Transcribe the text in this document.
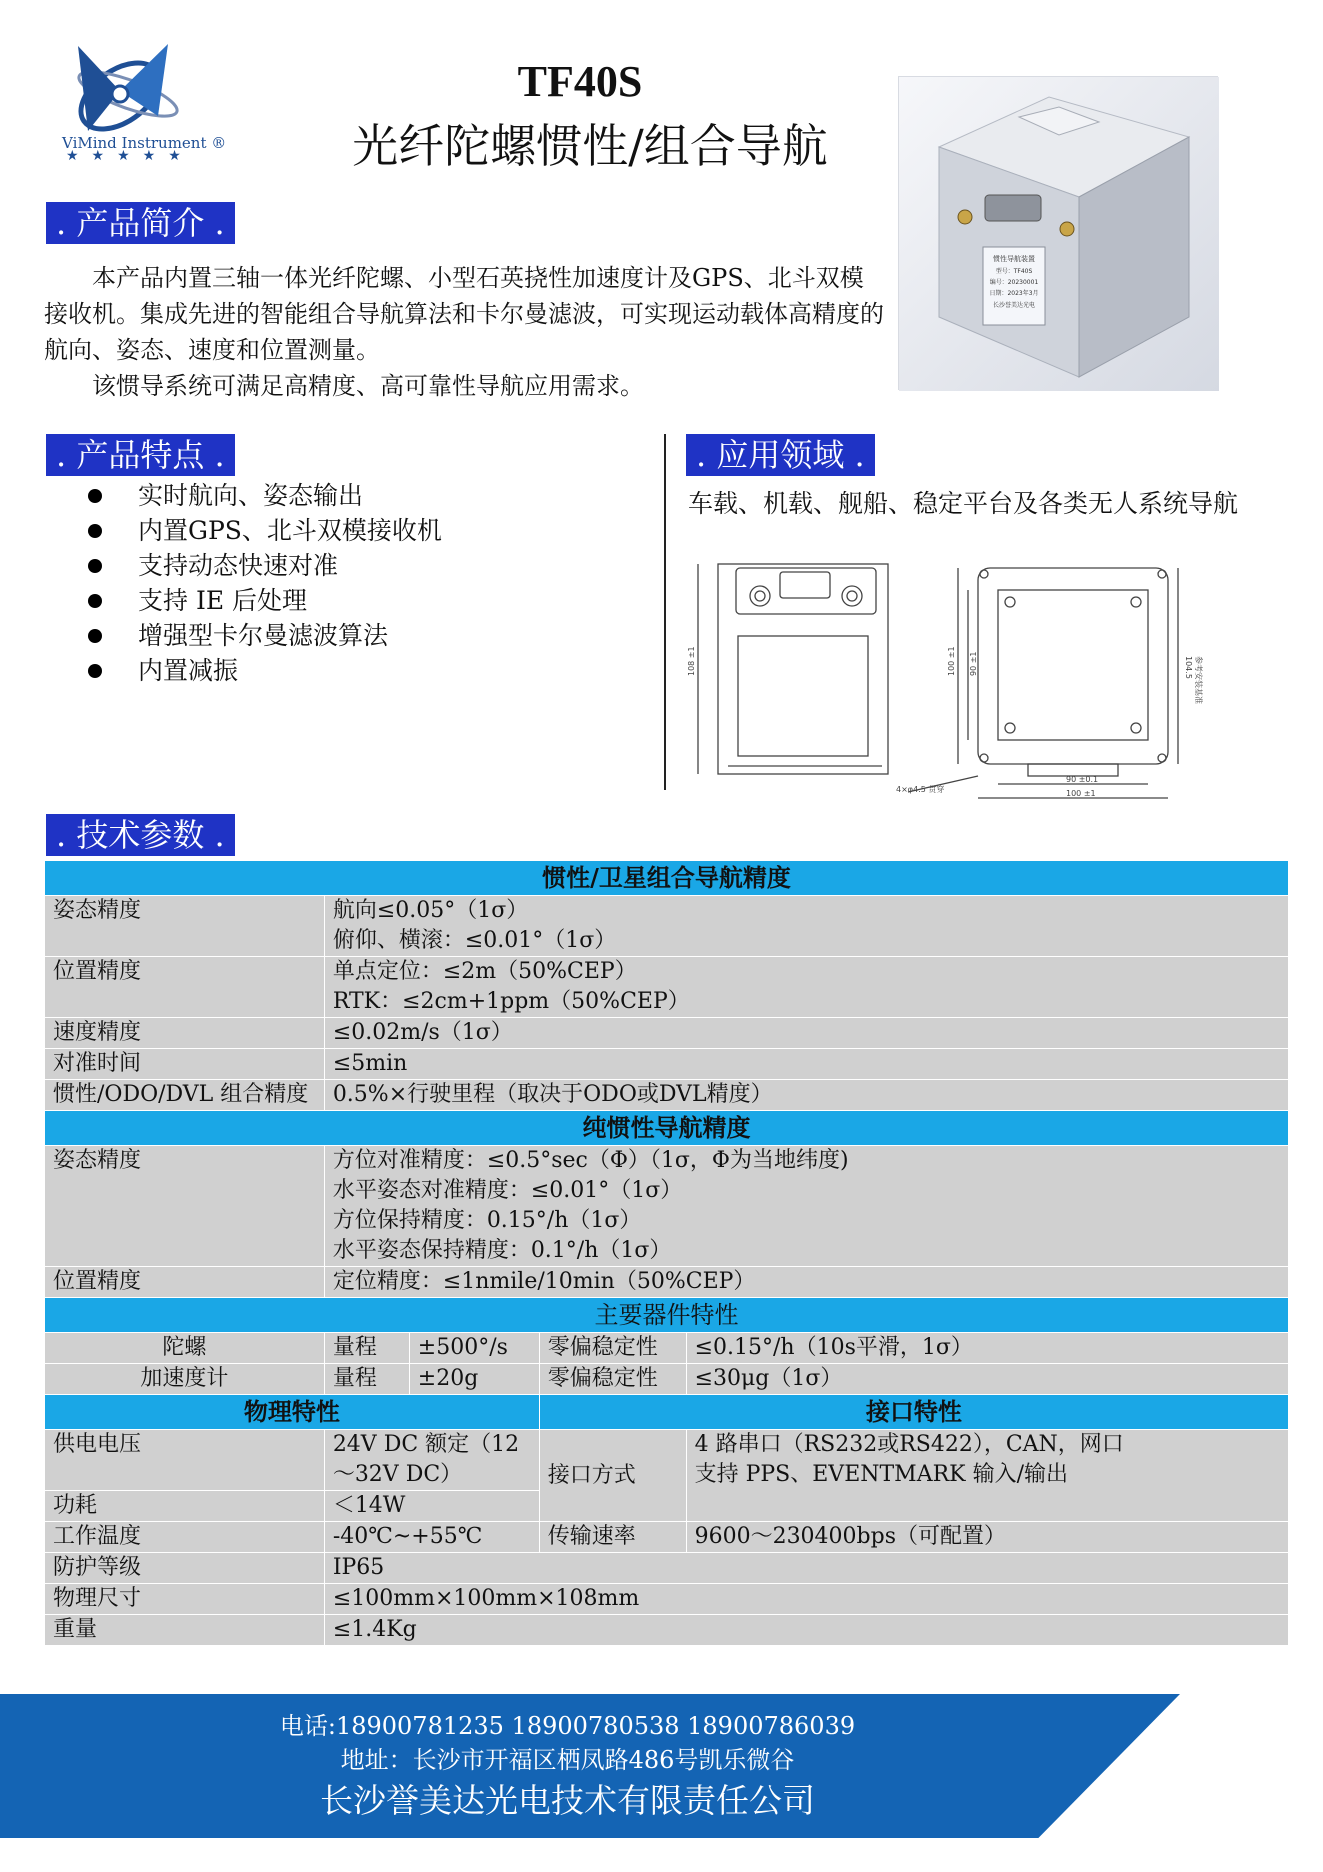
ViMind Instrument ®
★★★★★
TF40S
光纤陀螺惯性/组合导航
惯性导航装置
型号：TF40S
编号：20230001
日期：2023年3月
长沙誉美达光电
. 产品简介 .

本产品内置三轴一体光纤陀螺、小型石英挠性加速度计及GPS、北斗双模接收机。集成先进的智能组合导航算法和卡尔曼滤波，可实现运动载体高精度的航向、姿态、速度和位置测量。

该惯导系统可满足高精度、高可靠性导航应用需求。

. 产品特点 .
实时航向、姿态输出
内置GPS、北斗双模接收机
支持动态快速对准
支持 IE 后处理
增强型卡尔曼滤波算法
内置减振
. 应用领域 .
车载、机载、舰船、稳定平台及各类无人系统导航
108 ±1	100 ±1 90 ±1	104.5
90 ±0.1
100 ±1
4×φ4.5 贯穿
参考安装基准
. 技术参数 .
惯性/卫星组合导航精度				
姿态精度	航向≤0.05°（1σ）
俯仰、横滚：≤0.01°（1σ）			

位置精度	单点定位：≤2m（50%CEP）
RTK：≤2cm+1ppm（50%CEP）			

速度精度	≤0.02m/s（1σ）			
对准时间	≤5min			
惯性/ODO/DVL 组合精度	0.5%×行驶里程（取决于ODO或DVL精度）			
纯惯性导航精度				
姿态精度	方位对准精度：≤0.5°sec（Φ）（1σ，Φ为当地纬度)
水平姿态对准精度：≤0.01°（1σ）
方位保持精度：0.15°/h（1σ）
水平姿态保持精度：0.1°/h（1σ）			

位置精度	定位精度：≤1nmile/10min（50%CEP）			
主要器件特性				
陀螺	量程	±500°/s	零偏稳定性	≤0.15°/h（10s平滑，1σ）
加速度计	量程	±20g	零偏稳定性	≤30μg（1σ）
物理特性			接口特性	
供电电压	24V DC 额定（12～32V DC）		接口方式	4 路串口（RS232或RS422），CAN，网口
支持 PPS、EVENTMARK 输入/输出

功耗	＜14W			
工作温度	-40℃~+55℃		传输速率	9600～230400bps（可配置）
防护等级	IP65			
物理尺寸	≤100mm×100mm×108mm			
重量	≤1.4Kg			
电话:18900781235 18900780538 18900786039
地址：长沙市开福区栖凤路486号凯乐微谷
长沙誉美达光电技术有限责任公司
